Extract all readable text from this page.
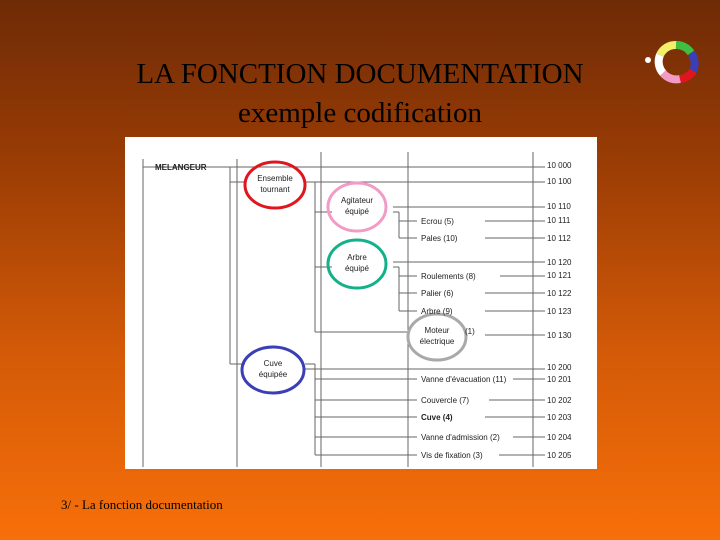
LA FONCTION DOCUMENTATION
exemple codification
MELANGEUR
Ensemble
tournant
Cuve
équipée
Agitateur
équipé
Arbre
équipé
Moteur
électrique
(1)
Ecrou (5)
Pales (10)
Roulements (8)
Palier (6)
Arbre (9)
Vanne d'évacuation (11)
Couvercle (7)
Cuve (4)
Vanne d'admission (2)
Vis de fixation (3)
10 000
10 100
10 110
10 111
10 112
10 120
10 121
10 122
10 123
10 130
10 200
10 201
10 202
10 203
10 204
10 205
3/ - La fonction documentation
